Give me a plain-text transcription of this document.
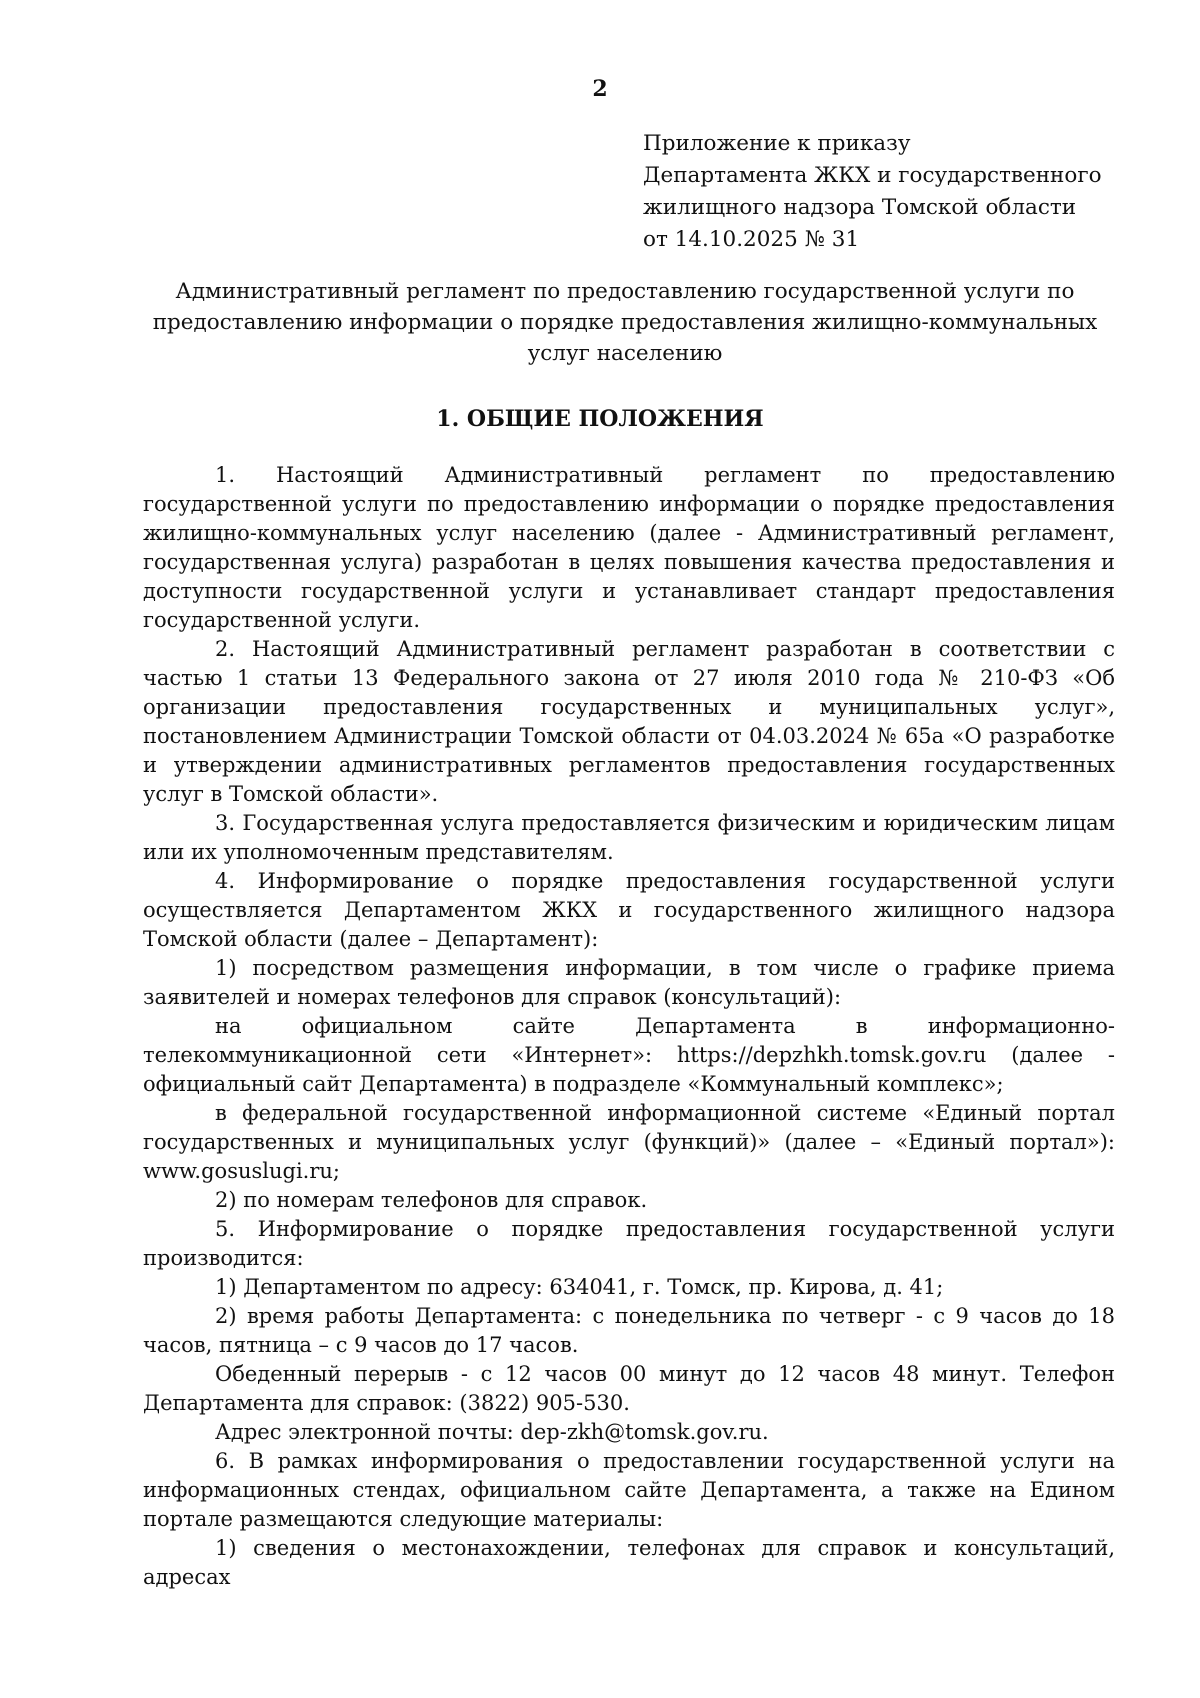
2
Приложение к приказу
Департамента ЖКХ и государственного
жилищного надзора Томской области
от 14.10.2025 № 31
Административный регламент по предоставлению государственной услуги по
предоставлению информации о порядке предоставления жилищно-коммунальных
услуг населению
1. ОБЩИЕ ПОЛОЖЕНИЯ

1. Настоящий Административный регламент по предоставлению государственной услуги по предоставлению информации о порядке предоставления жилищно-коммунальных услуг населению (далее - Административный регламент, государственная услуга) разработан в целях повышения качества предоставления и доступности государственной услуги и устанавливает стандарт предоставления государственной услуги.

2. Настоящий Административный регламент разработан в соответствии с частью 1 статьи 13 Федерального закона от 27 июля 2010 года № 210-ФЗ «Об организации предоставления государственных и муниципальных услуг», постановлением Администрации Томской области от 04.03.2024 № 65а «О разработке и утверждении административных регламентов предоставления государственных услуг в Томской области».

3. Государственная услуга предоставляется физическим и юридическим лицам или их уполномоченным представителям.

4. Информирование о порядке предоставления государственной услуги осуществляется Департаментом ЖКХ и государственного жилищного надзора Томской области (далее – Департамент):

1) посредством размещения информации, в том числе о графике приема заявителей и номерах телефонов для справок (консультаций):

на официальном сайте Департамента в информационно-телекоммуникационной сети «Интернет»: https://depzhkh.tomsk.gov.ru (далее - официальный сайт Департамента) в подразделе «Коммунальный комплекс»;

в федеральной государственной информационной системе «Единый портал государственных и муниципальных услуг (функций)» (далее – «Единый портал»): www.gosuslugi.ru;

2) по номерам телефонов для справок.

5. Информирование о порядке предоставления государственной услуги производится:

1) Департаментом по адресу: 634041, г. Томск, пр. Кирова, д. 41;

2) время работы Департамента: с понедельника по четверг - с 9 часов до 18 часов, пятница – с 9 часов до 17 часов.

Обеденный перерыв - с 12 часов 00 минут до 12 часов 48 минут. Телефон Департамента для справок: (3822) 905-530.

Адрес электронной почты: dep-zkh@tomsk.gov.ru.

6. В рамках информирования о предоставлении государственной услуги на информационных стендах, официальном сайте Департамента, а также на Едином портале размещаются следующие материалы:

1) сведения о местонахождении, телефонах для справок и консультаций, адресах
